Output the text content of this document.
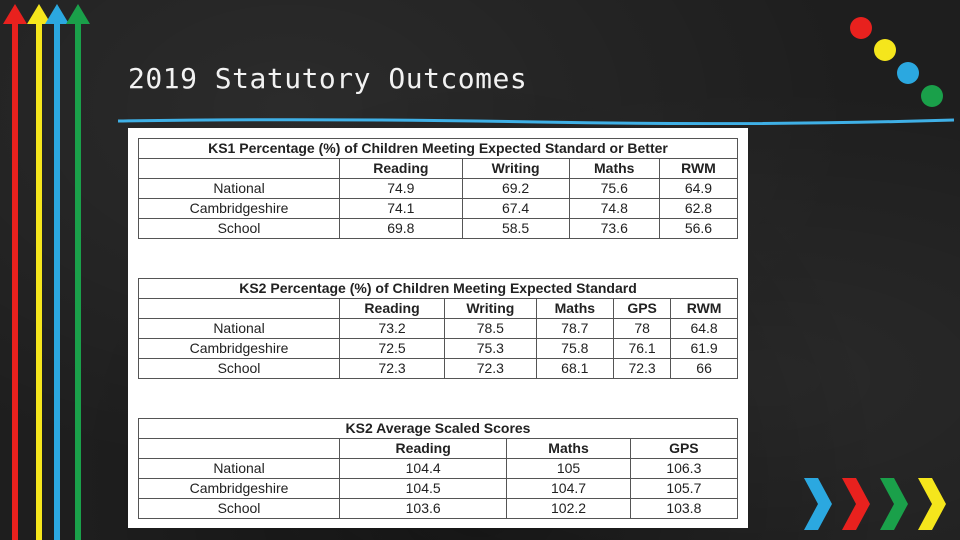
2019 Statutory Outcomes
KS1 Percentage (%) of Children Meeting Expected Standard or Better				
	Reading	Writing	Maths	RWM
National	74.9	69.2	75.6	64.9
Cambridgeshire	74.1	67.4	74.8	62.8
School	69.8	58.5	73.6	56.6
KS2 Percentage (%) of Children Meeting Expected Standard					
	Reading	Writing	Maths	GPS	RWM
National	73.2	78.5	78.7	78	64.8
Cambridgeshire	72.5	75.3	75.8	76.1	61.9
School	72.3	72.3	68.1	72.3	66
KS2 Average Scaled Scores			
	Reading	Maths	GPS
National	104.4	105	106.3
Cambridgeshire	104.5	104.7	105.7
School	103.6	102.2	103.8
